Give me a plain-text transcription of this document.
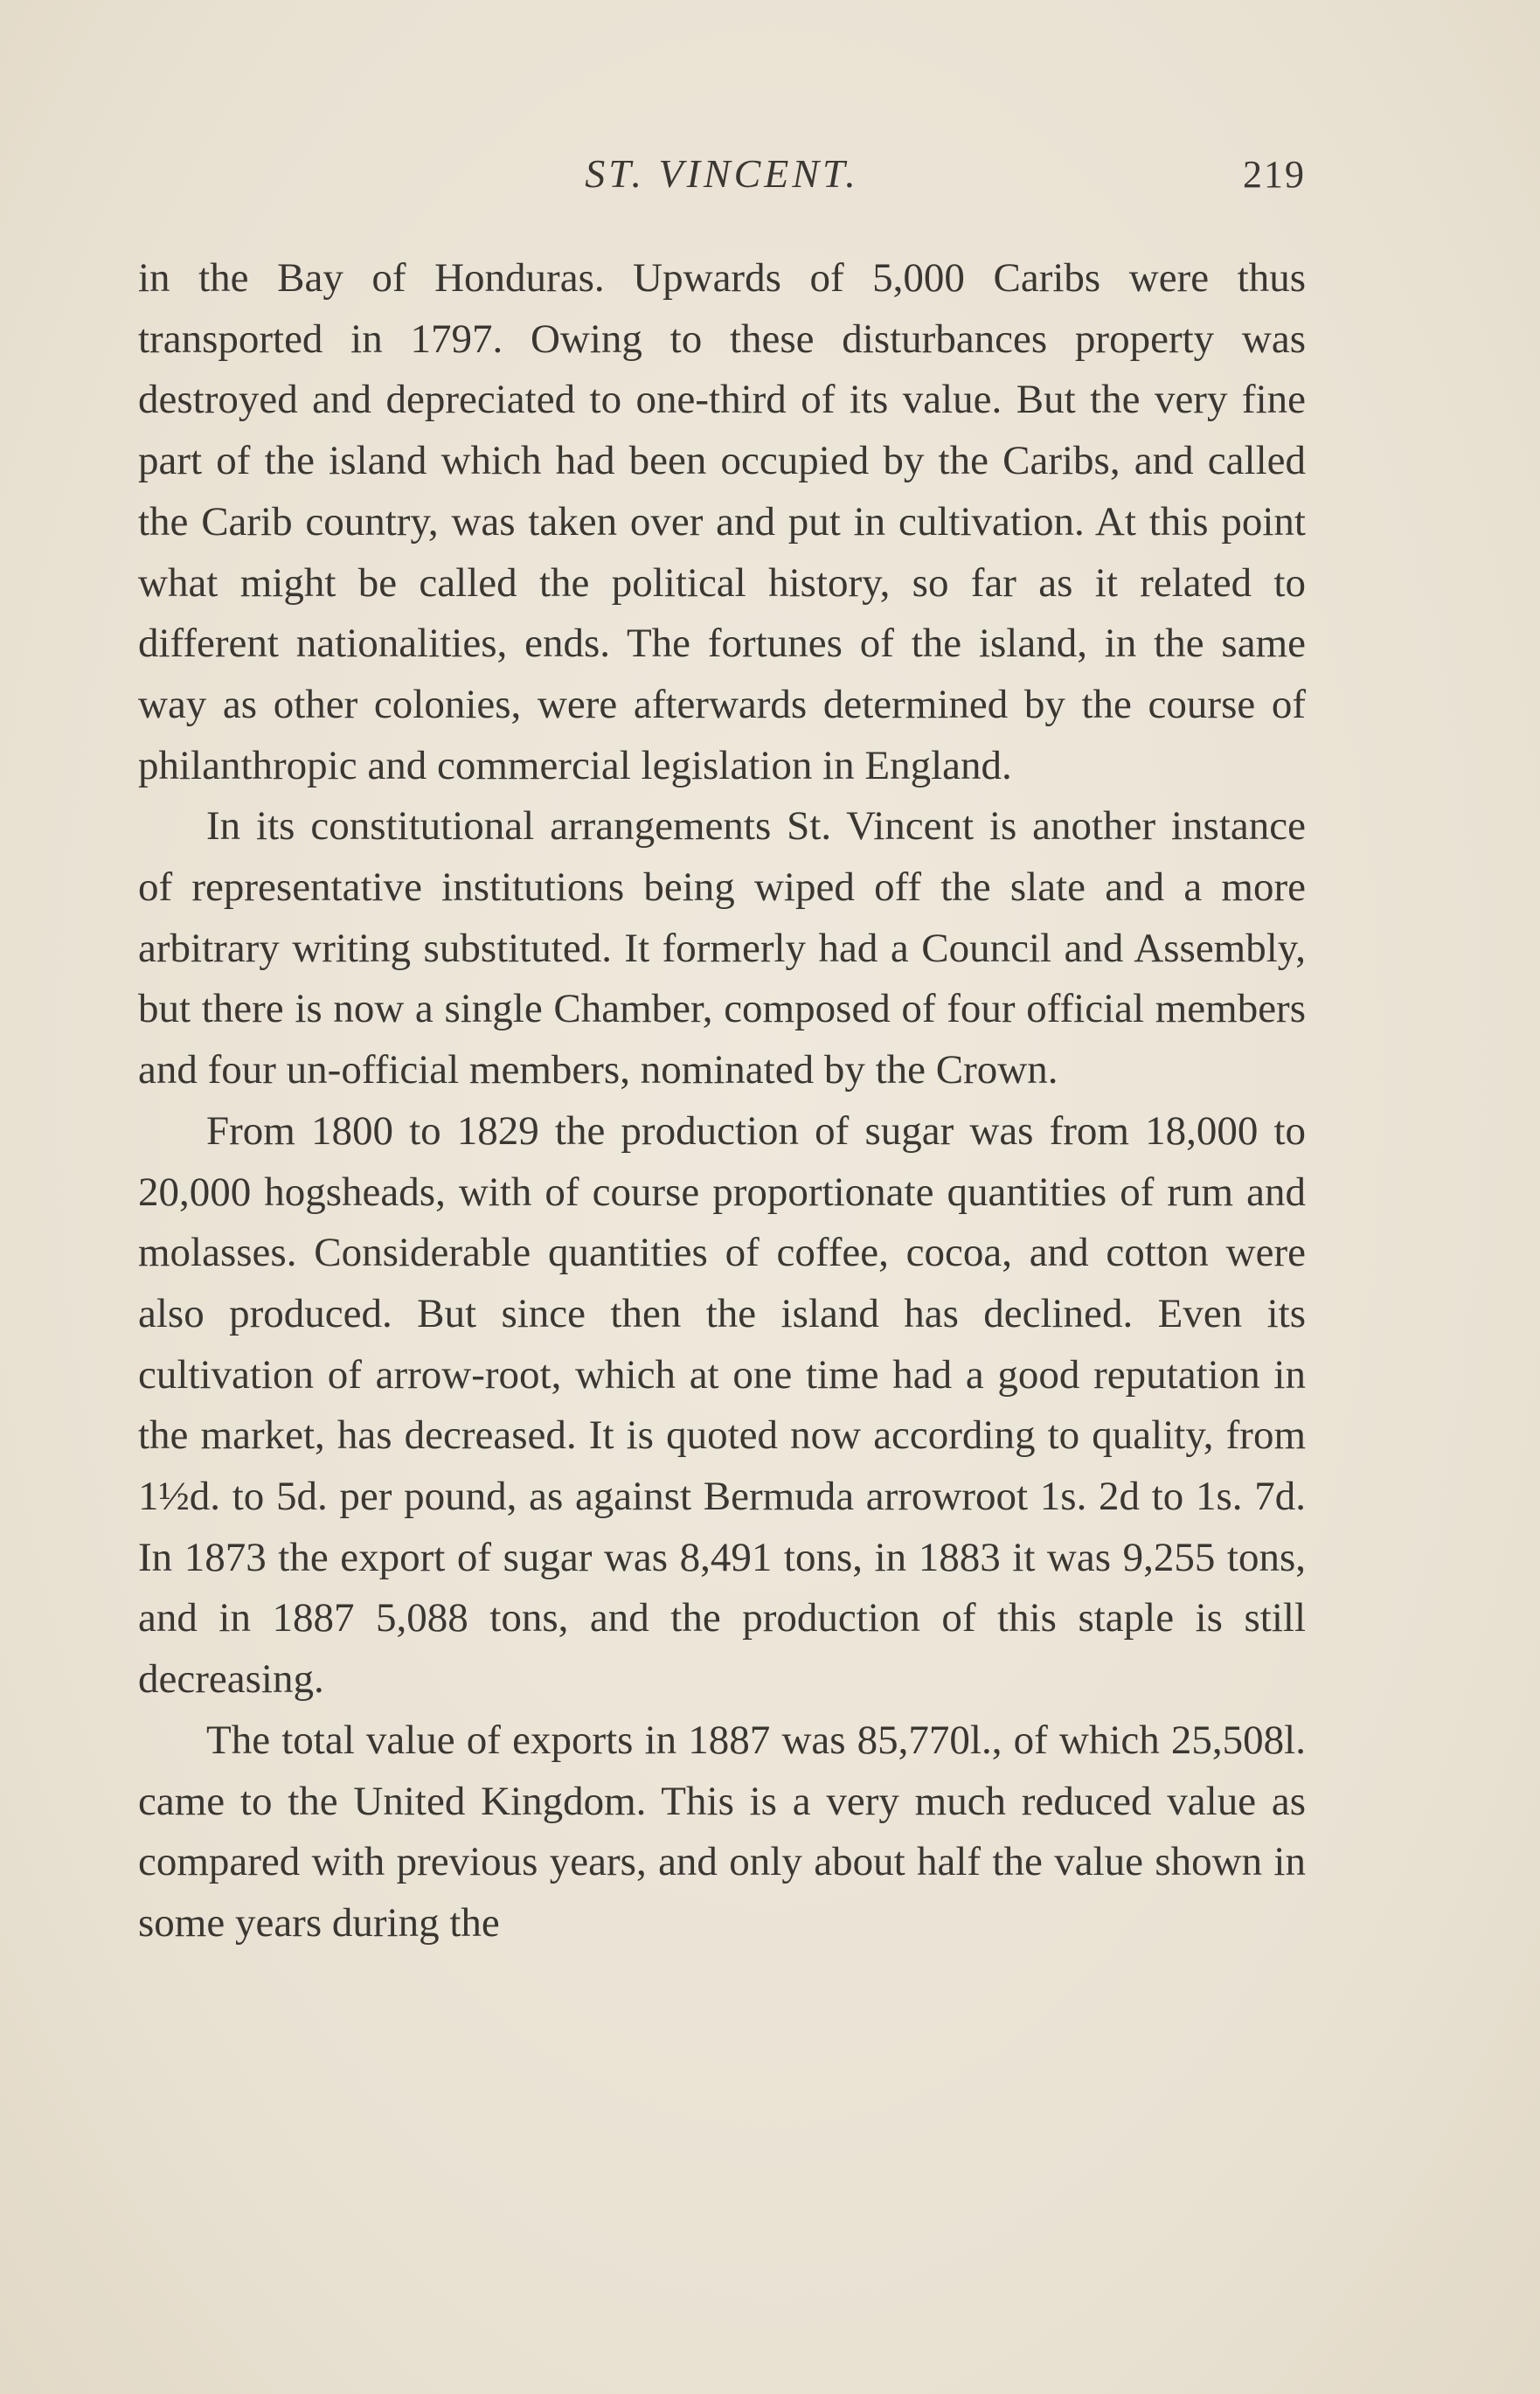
ST. VINCENT.	219

in the Bay of Honduras. Upwards of 5,000 Caribs were thus transported in 1797. Owing to these disturbances property was destroyed and depreciated to one-third of its value. But the very fine part of the island which had been occupied by the Caribs, and called the Carib country, was taken over and put in cultivation. At this point what might be called the political history, so far as it related to different nationalities, ends. The fortunes of the island, in the same way as other colonies, were afterwards determined by the course of philanthropic and commercial legislation in England.

In its constitutional arrangements St. Vincent is another instance of representative institutions being wiped off the slate and a more arbitrary writing substituted. It formerly had a Council and Assembly, but there is now a single Chamber, composed of four official members and four un-official members, nominated by the Crown.

From 1800 to 1829 the production of sugar was from 18,000 to 20,000 hogsheads, with of course proportionate quantities of rum and molasses. Considerable quantities of coffee, cocoa, and cotton were also produced. But since then the island has declined. Even its cultivation of arrow-root, which at one time had a good reputation in the market, has decreased. It is quoted now according to quality, from 1½d. to 5d. per pound, as against Bermuda arrowroot 1s. 2d to 1s. 7d. In 1873 the export of sugar was 8,491 tons, in 1883 it was 9,255 tons, and in 1887 5,088 tons, and the production of this staple is still decreasing.

The total value of exports in 1887 was 85,770l., of which 25,508l. came to the United Kingdom. This is a very much reduced value as compared with previous years, and only about half the value shown in some years during the
